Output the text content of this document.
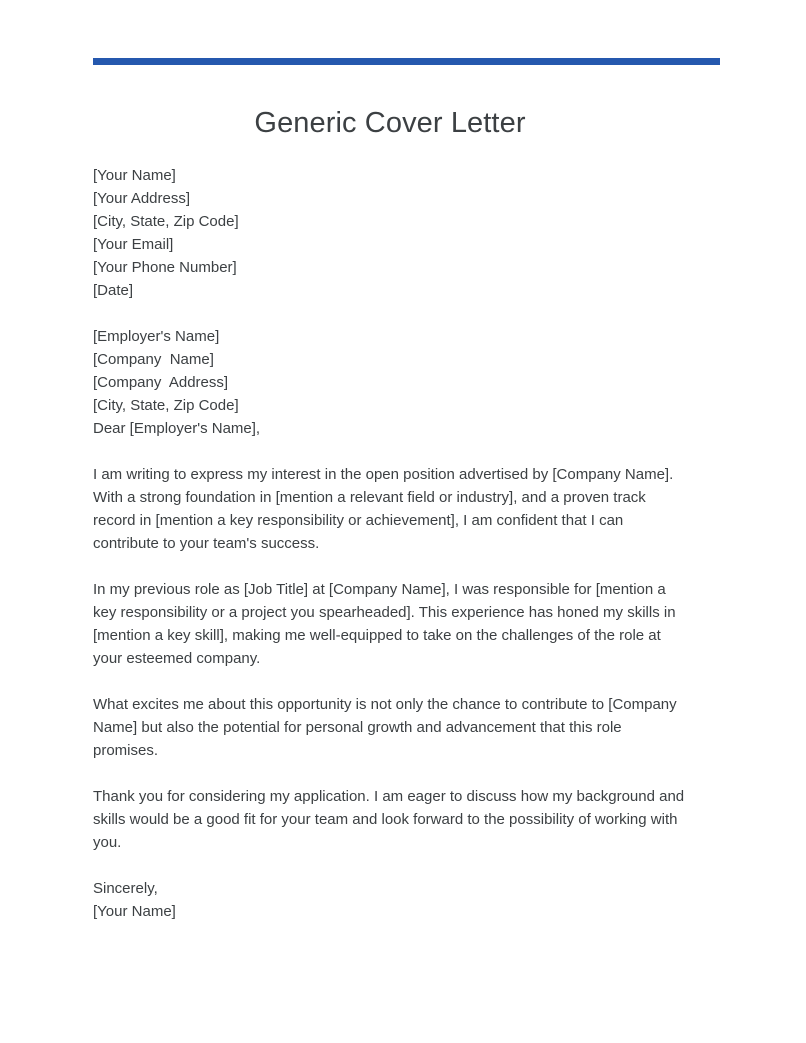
Generic Cover Letter
[Your Name]
[Your Address]
[City, State, Zip Code]
[Your Email]
[Your Phone Number]
[Date]
[Employer's Name]
[Company  Name]
[Company  Address]
[City, State, Zip Code]
Dear [Employer's Name],

I am writing to express my interest in the open position advertised by [Company Name]. With a strong foundation in [mention a relevant field or industry], and a proven track record in [mention a key responsibility or achievement], I am confident that I can contribute to your team's success.

In my previous role as [Job Title] at [Company Name], I was responsible for [mention a key responsibility or a project you spearheaded]. This experience has honed my skills in [mention a key skill], making me well-equipped to take on the challenges of the role at your esteemed company.

What excites me about this opportunity is not only the chance to contribute to [Company Name] but also the potential for personal growth and advancement that this role promises.

Thank you for considering my application. I am eager to discuss how my background and skills would be a good fit for your team and look forward to the possibility of working with you.

Sincerely,
[Your Name]
